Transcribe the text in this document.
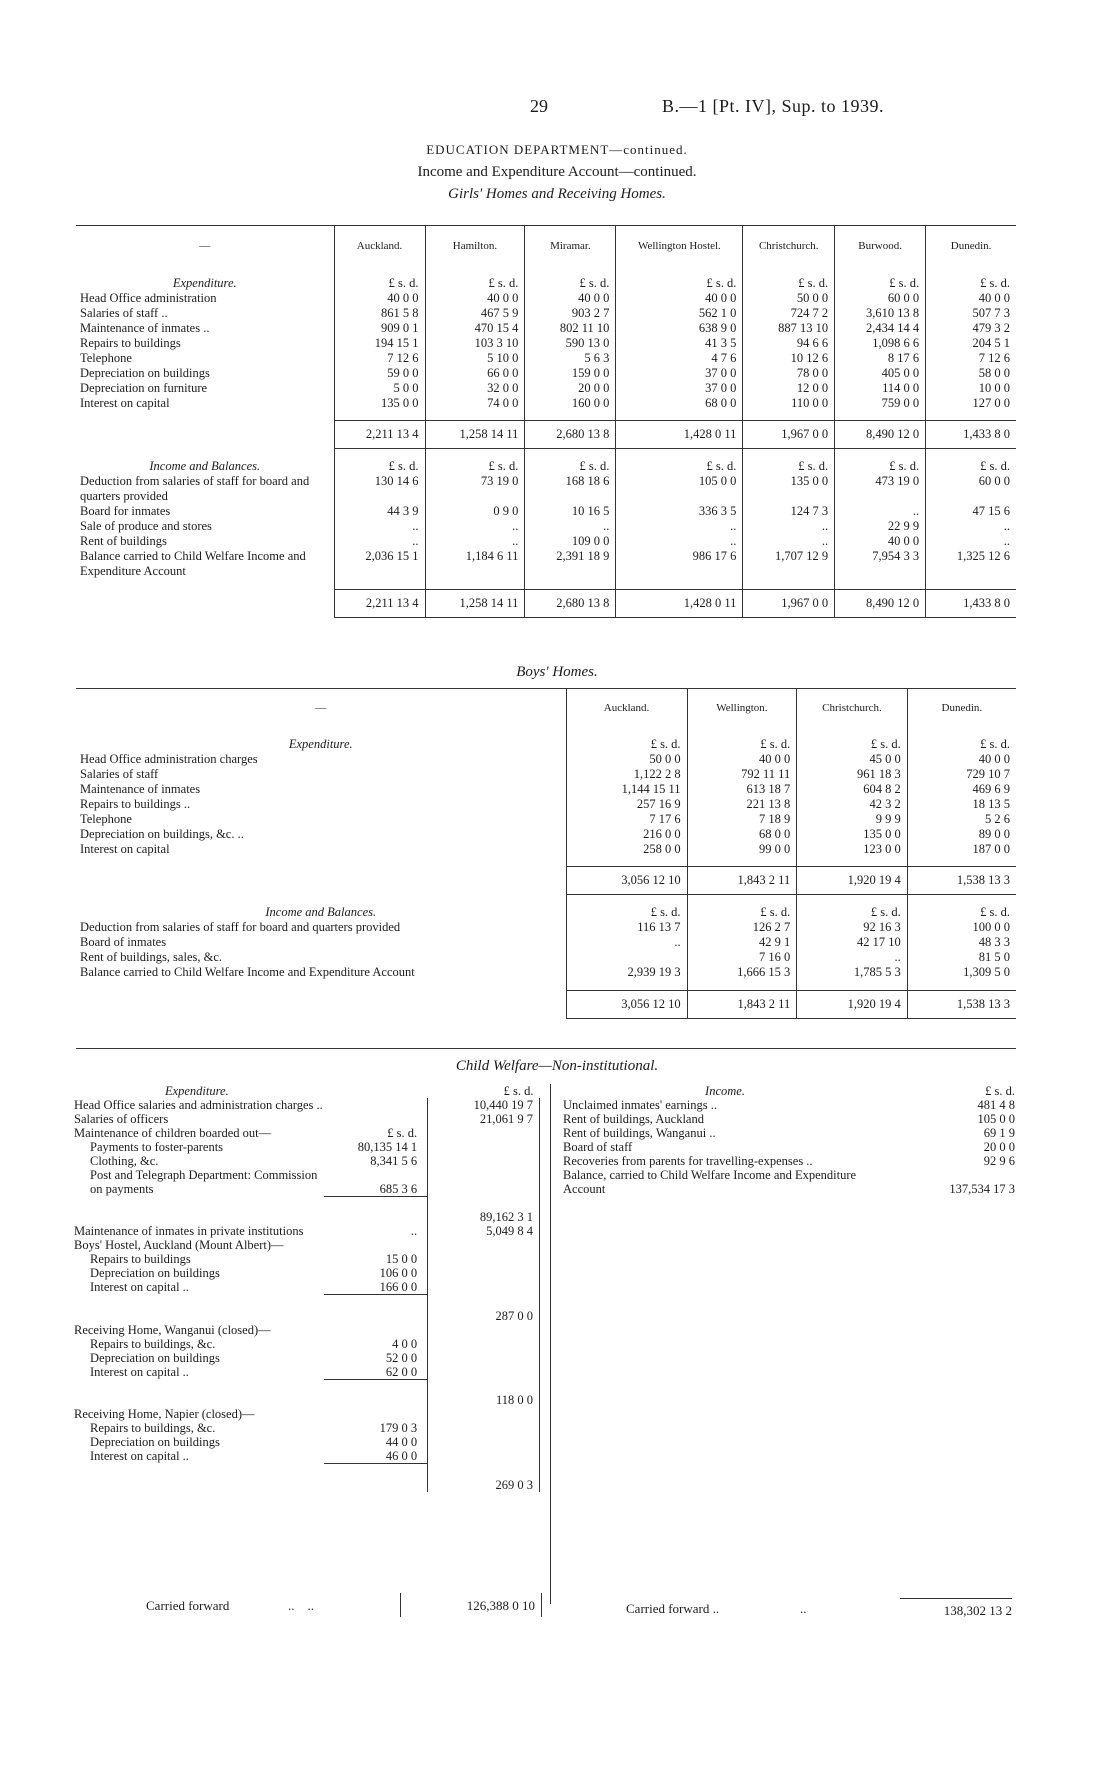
29	B.—1 [Pt. IV], Sup. to 1939.
EDUCATION DEPARTMENT—continued.
Income and Expenditure Account—continued.
Girls' Homes and Receiving Homes.
—	Auckland.	Hamilton.	Miramar.	Wellington Hostel.	Christchurch.	Burwood.	Dunedin.
Expenditure.	£ s. d.	£ s. d.	£ s. d.	£ s. d.	£ s. d.	£ s. d.	£ s. d.
Head Office administration	40 0 0	40 0 0	40 0 0	40 0 0	50 0 0	60 0 0	40 0 0
Salaries of staff ..	861 5 8	467 5 9	903 2 7	562 1 0	724 7 2	3,610 13 8	507 7 3
Maintenance of inmates ..	909 0 1	470 15 4	802 11 10	638 9 0	887 13 10	2,434 14 4	479 3 2
Repairs to buildings	194 15 1	103 3 10	590 13 0	41 3 5	94 6 6	1,098 6 6	204 5 1
Telephone	7 12 6	5 10 0	5 6 3	4 7 6	10 12 6	8 17 6	7 12 6
Depreciation on buildings	59 0 0	66 0 0	159 0 0	37 0 0	78 0 0	405 0 0	58 0 0
Depreciation on furniture	5 0 0	32 0 0	20 0 0	37 0 0	12 0 0	114 0 0	10 0 0
Interest on capital	135 0 0	74 0 0	160 0 0	68 0 0	110 0 0	759 0 0	127 0 0

	2,211 13 4	1,258 14 11	2,680 13 8	1,428 0 11	1,967 0 0	8,490 12 0	1,433 8 0
Income and Balances.	£ s. d.	£ s. d.	£ s. d.	£ s. d.	£ s. d.	£ s. d.	£ s. d.
Deduction from salaries of staff for board and quarters provided	130 14 6	73 19 0	168 18 6	105 0 0	135 0 0	473 19 0	60 0 0
Board for inmates	44 3 9	0 9 0	10 16 5	336 3 5	124 7 3	..	47 15 6
Sale of produce and stores	..	..	..	..	..	22 9 9	..
Rent of buildings	..	..	109 0 0	..	..	40 0 0	..
Balance carried to Child Welfare Income and Expenditure Account	2,036 15 1	1,184 6 11	2,391 18 9	986 17 6	1,707 12 9	7,954 3 3	1,325 12 6

	2,211 13 4	1,258 14 11	2,680 13 8	1,428 0 11	1,967 0 0	8,490 12 0	1,433 8 0
Boys' Homes.
—	Auckland.	Wellington.	Christchurch.	Dunedin.
Expenditure.	£ s. d.	£ s. d.	£ s. d.	£ s. d.
Head Office administration charges	50 0 0	40 0 0	45 0 0	40 0 0
Salaries of staff	1,122 2 8	792 11 11	961 18 3	729 10 7
Maintenance of inmates	1,144 15 11	613 18 7	604 8 2	469 6 9
Repairs to buildings ..	257 16 9	221 13 8	42 3 2	18 13 5
Telephone	7 17 6	7 18 9	9 9 9	5 2 6
Depreciation on buildings, &c. ..	216 0 0	68 0 0	135 0 0	89 0 0
Interest on capital	258 0 0	99 0 0	123 0 0	187 0 0

	3,056 12 10	1,843 2 11	1,920 19 4	1,538 13 3
Income and Balances.	£ s. d.	£ s. d.	£ s. d.	£ s. d.
Deduction from salaries of staff for board and quarters provided	116 13 7	126 2 7	92 16 3	100 0 0
Board of inmates	..	42 9 1	42 17 10	48 3 3
Rent of buildings, sales, &c.		7 16 0	..	81 5 0
Balance carried to Child Welfare Income and Expenditure Account	2,939 19 3	1,666 15 3	1,785 5 3	1,309 5 0

	3,056 12 10	1,843 2 11	1,920 19 4	1,538 13 3
Child Welfare—Non-institutional.
Expenditure.		£ s. d.
Head Office salaries and administration charges ..		10,440 19 7
Salaries of officers		21,061 9 7
Maintenance of children boarded out—	£ s. d.	
Payments to foster-parents	80,135 14 1	
Clothing, &c.	8,341 5 6	
Post and Telegraph Department: Commission on payments	685 3 6	
		89,162 3 1
Maintenance of inmates in private institutions	..	5,049 8 4
Boys' Hostel, Auckland (Mount Albert)—		
Repairs to buildings	15 0 0	
Depreciation on buildings	106 0 0	
Interest on capital ..	166 0 0	
		287 0 0
Receiving Home, Wanganui (closed)—		
Repairs to buildings, &c.	4 0 0	
Depreciation on buildings	52 0 0	
Interest on capital ..	62 0 0	
		118 0 0
Receiving Home, Napier (closed)—		
Repairs to buildings, &c.	179 0 3	
Depreciation on buildings	44 0 0	
Interest on capital ..	46 0 0	
		269 0 3
Income.	£ s. d.
Unclaimed inmates' earnings ..	481 4 8
Rent of buildings, Auckland	105 0 0
Rent of buildings, Wanganui ..	69 1 9
Board of staff	20 0 0
Recoveries from parents for travelling-expenses ..	92 9 6
Balance, carried to Child Welfare Income and Expenditure Account	137,534 17 3
Carried forward	..    ..	126,388 0 10	Carried forward ..	..	138,302 13 2
